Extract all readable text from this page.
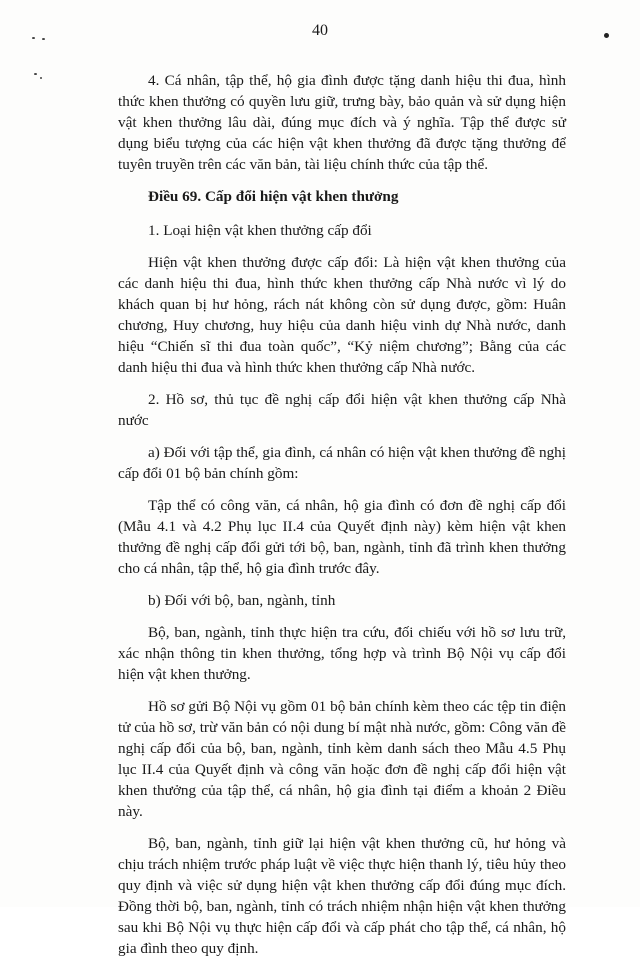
40

4. Cá nhân, tập thể, hộ gia đình được tặng danh hiệu thi đua, hình thức khen thưởng có quyền lưu giữ, trưng bày, bảo quản và sử dụng hiện vật khen thưởng lâu dài, đúng mục đích và ý nghĩa. Tập thể được sử dụng biểu tượng của các hiện vật khen thưởng đã được tặng thưởng để tuyên truyền trên các văn bản, tài liệu chính thức của tập thể.

Điều 69. Cấp đổi hiện vật khen thưởng

1. Loại hiện vật khen thưởng cấp đổi

Hiện vật khen thưởng được cấp đổi: Là hiện vật khen thưởng của các danh hiệu thi đua, hình thức khen thưởng cấp Nhà nước vì lý do khách quan bị hư hỏng, rách nát không còn sử dụng được, gồm: Huân chương, Huy chương, huy hiệu của danh hiệu vinh dự Nhà nước, danh hiệu “Chiến sĩ thi đua toàn quốc”, “Kỷ niệm chương”; Bằng của các danh hiệu thi đua và hình thức khen thưởng cấp Nhà nước.

2. Hồ sơ, thủ tục đề nghị cấp đổi hiện vật khen thưởng cấp Nhà nước

a) Đối với tập thể, gia đình, cá nhân có hiện vật khen thưởng đề nghị cấp đổi 01 bộ bản chính gồm:

Tập thể có công văn, cá nhân, hộ gia đình có đơn đề nghị cấp đổi (Mẫu 4.1 và 4.2 Phụ lục II.4 của Quyết định này) kèm hiện vật khen thưởng đề nghị cấp đổi gửi tới bộ, ban, ngành, tỉnh đã trình khen thưởng cho cá nhân, tập thể, hộ gia đình trước đây.

b) Đối với bộ, ban, ngành, tỉnh

Bộ, ban, ngành, tỉnh thực hiện tra cứu, đối chiếu với hồ sơ lưu trữ, xác nhận thông tin khen thưởng, tổng hợp và trình Bộ Nội vụ cấp đổi hiện vật khen thưởng.

Hồ sơ gửi Bộ Nội vụ gồm 01 bộ bản chính kèm theo các tệp tin điện tử của hồ sơ, trừ văn bản có nội dung bí mật nhà nước, gồm: Công văn đề nghị cấp đổi của bộ, ban, ngành, tỉnh kèm danh sách theo Mẫu 4.5 Phụ lục II.4 của Quyết định và công văn hoặc đơn đề nghị cấp đổi hiện vật khen thưởng của tập thể, cá nhân, hộ gia đình tại điểm a khoản 2 Điều này.

Bộ, ban, ngành, tỉnh giữ lại hiện vật khen thưởng cũ, hư hỏng và chịu trách nhiệm trước pháp luật về việc thực hiện thanh lý, tiêu hủy theo quy định và việc sử dụng hiện vật khen thưởng cấp đổi đúng mục đích. Đồng thời bộ, ban, ngành, tỉnh có trách nhiệm nhận hiện vật khen thưởng sau khi Bộ Nội vụ thực hiện cấp đổi và cấp phát cho tập thể, cá nhân, hộ gia đình theo quy định.
